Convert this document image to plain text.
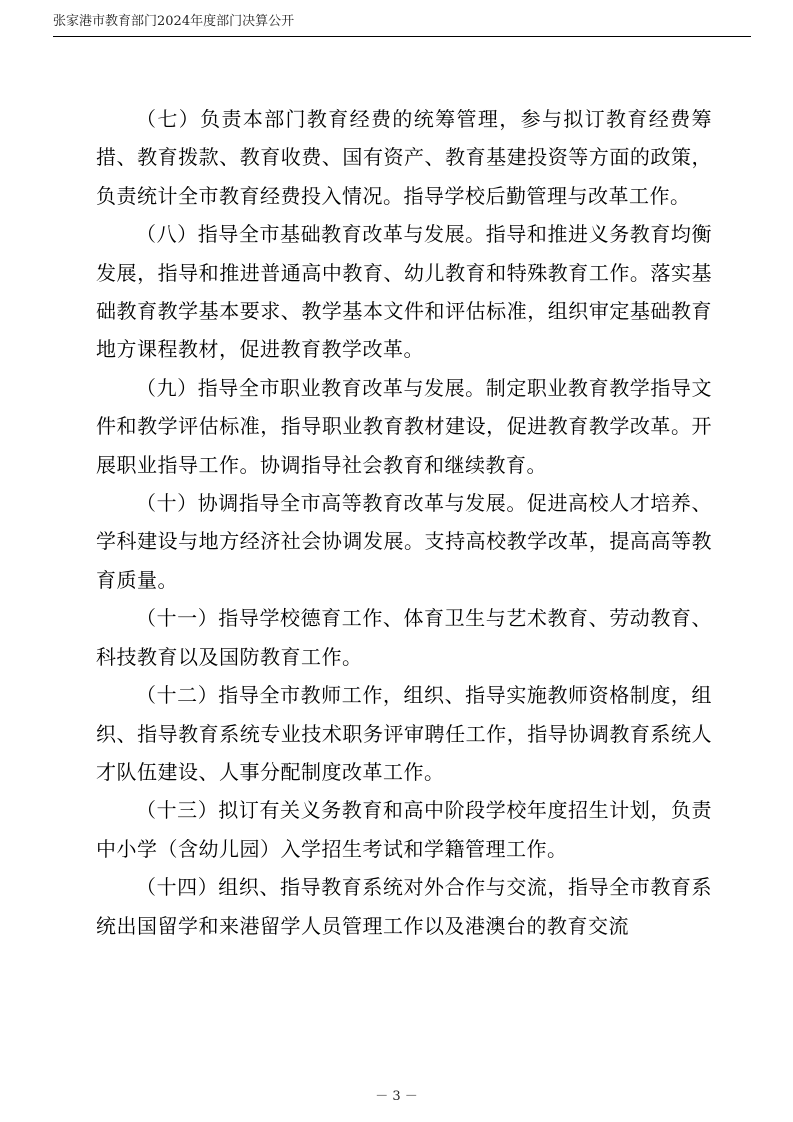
张家港市教育部门2024年度部门决算公开

（七）负责本部门教育经费的统筹管理，参与拟订教育经费筹措、教育拨款、教育收费、国有资产、教育基建投资等方面的政策，负责统计全市教育经费投入情况。指导学校后勤管理与改革工作。

（八）指导全市基础教育改革与发展。指导和推进义务教育均衡发展，指导和推进普通高中教育、幼儿教育和特殊教育工作。落实基础教育教学基本要求、教学基本文件和评估标准，组织审定基础教育地方课程教材，促进教育教学改革。

（九）指导全市职业教育改革与发展。制定职业教育教学指导文件和教学评估标准，指导职业教育教材建设，促进教育教学改革。开展职业指导工作。协调指导社会教育和继续教育。

（十）协调指导全市高等教育改革与发展。促进高校人才培养、学科建设与地方经济社会协调发展。支持高校教学改革，提高高等教育质量。

（十一）指导学校德育工作、体育卫生与艺术教育、劳动教育、科技教育以及国防教育工作。

（十二）指导全市教师工作，组织、指导实施教师资格制度，组织、指导教育系统专业技术职务评审聘任工作，指导协调教育系统人才队伍建设、人事分配制度改革工作。

（十三）拟订有关义务教育和高中阶段学校年度招生计划，负责中小学（含幼儿园）入学招生考试和学籍管理工作。

（十四）组织、指导教育系统对外合作与交流，指导全市教育系统出国留学和来港留学人员管理工作以及港澳台的教育交流

－ 3 －
